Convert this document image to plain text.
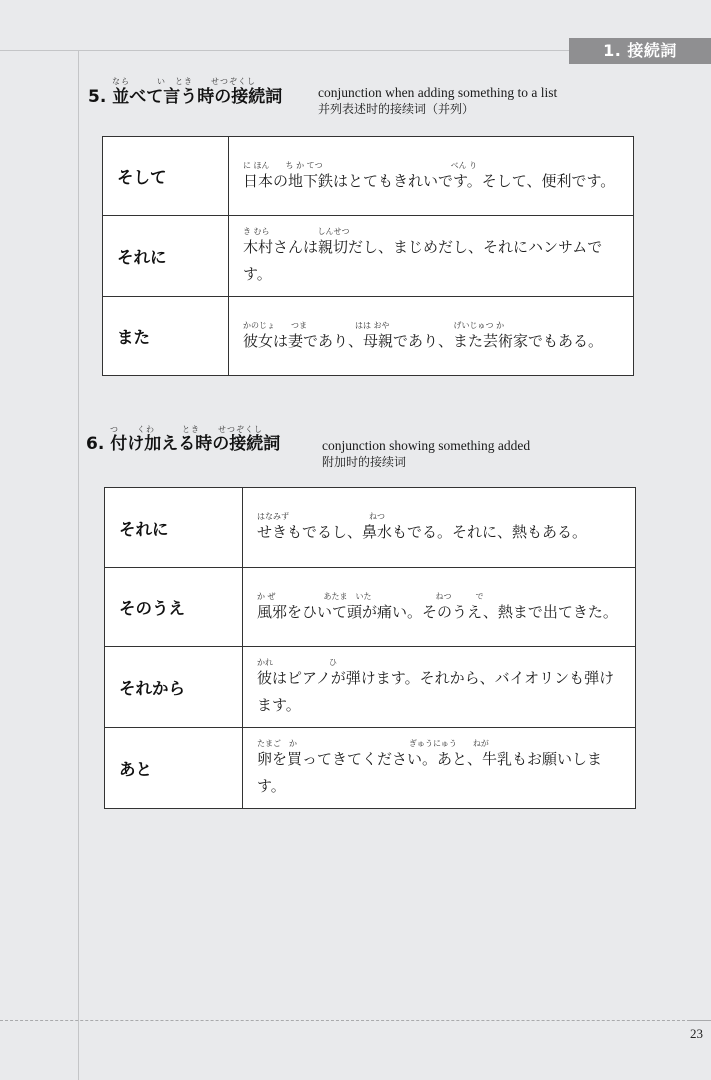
1. 接続詞
なら　　　い　とき　　せつぞくし
5. 並べて言う時の接続詞	conjunction when adding something to a list
并列表述时的接续词（并列）
そして	に ほん　　ち か てつ　　　　　　　　　　　　　　　　べん り
日本の地下鉄はとてもきれいです。そして、便利です。

それに	き むら　　　　　　しんせつ
木村さんは親切だし、まじめだし、それにハンサムです。

また	かのじょ　　つま　　　　　　はは おや　　　　　　　　げいじゅつ か
彼女は妻であり、母親であり、また芸術家でもある。
つ　　くわ　　　とき　　せつぞくし
6. 付け加える時の接続詞	conjunction showing something added
附加时的接续词
それに	はなみず　　　　　　　　　　ねつ
せきもでるし、鼻水もでる。それに、熱もある。

そのうえ	か ぜ　　　　　　あたま　いた　　　　　　　　ねつ　　　で
風邪をひいて頭が痛い。そのうえ、熱まで出てきた。

それから	かれ　　　　　　　ひ
彼はピアノが弾けます。それから、バイオリンも弾けます。

あと	たまご　か　　　　　　　　　　　　　　ぎゅうにゅう　　ねが
卵を買ってきてください。あと、牛乳もお願いします。
23
